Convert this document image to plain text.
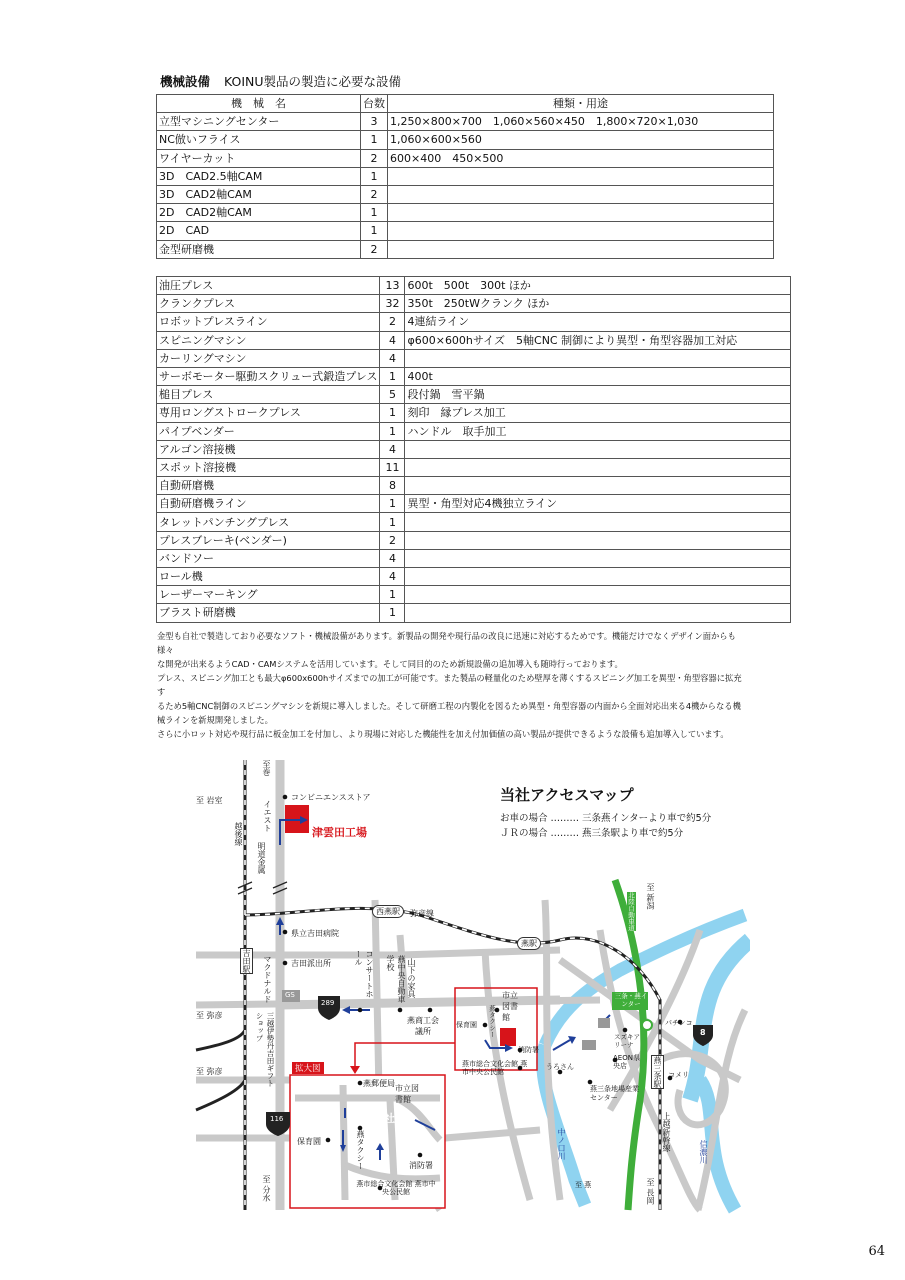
機械設備 KOINU製品の製造に必要な設備
機　械　名	台数	種類・用途
立型マシニングセンター	3	1,250×800×700　1,060×560×450　1,800×720×1,030
NC倣いフライス	1	1,060×600×560
ワイヤーカット	2	600×400　450×500
3D　CAD2.5軸CAM	1	
3D　CAD2軸CAM	2	
2D　CAD2軸CAM	1	
2D　CAD	1	
金型研磨機	2	
油圧プレス	13	600t　500t　300t ほか
クランクプレス	32	350t　250tWクランク ほか
ロボットプレスライン	2	4連結ライン
スピニングマシン	4	φ600×600hサイズ　5軸CNC 制御により異型・角型容器加工対応
カーリングマシン	4	
サーボモーター駆動スクリュー式鍛造プレス	1	400t
槌目プレス	5	段付鍋　雪平鍋
専用ロングストロークプレス	1	刻印　縁プレス加工
パイプベンダー	1	ハンドル　取手加工
アルゴン溶接機	4	
スポット溶接機	11	
自動研磨機	8	
自動研磨機ライン	1	異型・角型対応4機独立ライン
タレットパンチングプレス	1	
プレスブレーキ(ベンダー)	2	
バンドソー	4	
ロール機	4	
レーザーマーキング	1	
ブラスト研磨機	1	

金型も自社で製造しており必要なソフト・機械設備があります。新製品の開発や現行品の改良に迅速に対応するためです。機能だけでなくデザイン面からも様々

な開発が出来るようCAD・CAMシステムを活用しています。そして同目的のため新規設備の追加導入も随時行っております。

プレス、スピニング加工とも最大φ600x600hサイズまでの加工が可能です。また製品の軽量化のため壁厚を薄くするスピニング加工を異型・角型容器に拡充す

るため5軸CNC制御のスピニングマシンを新規に導入しました。そして研磨工程の内製化を図るため異型・角型容器の内面から全面対応出来る4機からなる機

械ラインを新規開発しました。

さらに小ロット対応や現行品に板金加工を付加し、より現場に対応した機能性を加え付加価値の高い製品が提供できるような設備も追加導入しています。

当社アクセスマップ
お車の場合 ……… 三条燕インターより車で約5分
ＪＲの場合 ……… 燕三条駅より車で約5分
至巻
至 岩室
越後線
コンビニエンスストア
イエスト
津雲田工場
明道金属
西燕駅	弥彦線
県立吉田病院
吉田駅 マクドナルド 吉田派出所	コンサートホール	燕中央自動車学校	山下の家具
燕駅
GS
289
至 弥彦
至 弥彦	三越伊勢丹吉田ギフトショップ	燕商工会議所
市立図書館
燕タクシー
保育園
消防署
燕市総合文化会館 燕市中央公民館
116
至 分水
拡大図
燕郵便局
本社
市立図書館
燕タクシー
保育園
消防署
燕市総合文化会館 燕市中央公民館
至 新潟
北陸自動車道
三条・燕インター
スズキアリーナ
AEON県央店
うろさん
燕三条地場産業センター
パチンコ
コメリ
燕三条駅
上越新幹線
8
至 長岡
信濃川
中ノ口川
至 燕
64
